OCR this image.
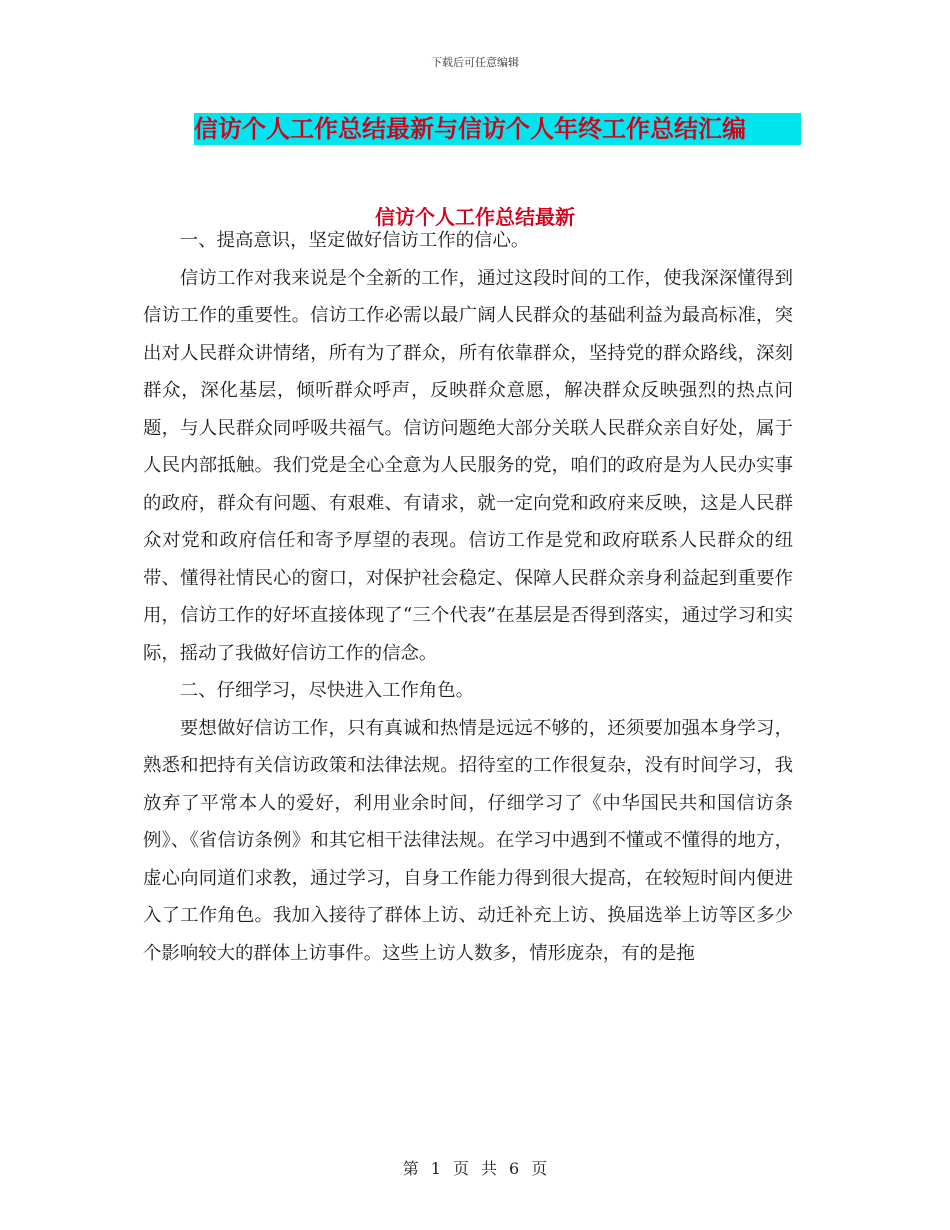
下载后可任意编辑
信访个人工作总结最新与信访个人年终工作总结汇编
信访个人工作总结最新

一、提高意识，坚定做好信访工作的信心。

信访工作对我来说是个全新的工作，通过这段时间的工作，使我深深懂得到信访工作的重要性。信访工作必需以最广阔人民群众的基础利益为最高标准，突出对人民群众讲情绪，所有为了群众，所有依靠群众，坚持党的群众路线，深刻群众，深化基层，倾听群众呼声，反映群众意愿，解决群众反映强烈的热点问题，与人民群众同呼吸共福气。信访问题绝大部分关联人民群众亲自好处，属于人民内部抵触。我们党是全心全意为人民服务的党，咱们的政府是为人民办实事的政府，群众有问题、有艰难、有请求，就一定向党和政府来反映，这是人民群众对党和政府信任和寄予厚望的表现。信访工作是党和政府联系人民群众的纽带、懂得社情民心的窗口，对保护社会稳定、保障人民群众亲身利益起到重要作用，信访工作的好坏直接体现了“三个代表”在基层是否得到落实，通过学习和实际，摇动了我做好信访工作的信念。

二、仔细学习，尽快进入工作角色。

要想做好信访工作，只有真诚和热情是远远不够的，还须要加强本身学习，熟悉和把持有关信访政策和法律法规。招待室的工作很复杂，没有时间学习，我放弃了平常本人的爱好，利用业余时间，仔细学习了《中华国民共和国信访条例》、《省信访条例》和其它相干法律法规。在学习中遇到不懂或不懂得的地方，虚心向同道们求教，通过学习，自身工作能力得到很大提高，在较短时间内便进入了工作角色。我加入接待了群体上访、动迁补充上访、换届选举上访等区多少个影响较大的群体上访事件。这些上访人数多，情形庞杂，有的是拖

第 1 页 共 6 页
